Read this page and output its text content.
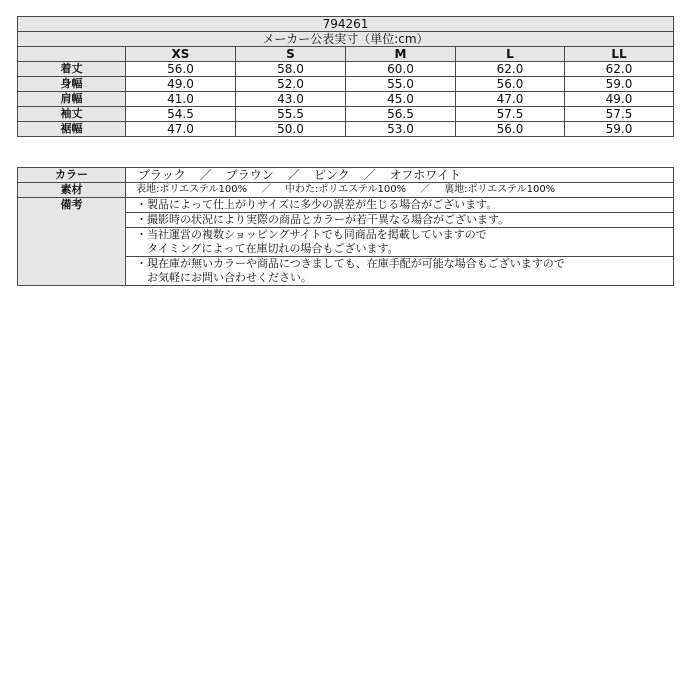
794261					
メーカー公表実寸（単位:cm）					
	XS	S	M	L	LL
着丈	56.0	58.0	60.0	62.0	62.0
身幅	49.0	52.0	55.0	56.0	59.0
肩幅	41.0	43.0	45.0	47.0	49.0
袖丈	54.5	55.5	56.5	57.5	57.5
裾幅	47.0	50.0	53.0	56.0	59.0
カラー	ブラック ／ ブラウン ／ ピンク ／ オフホワイト
素材	表地:ポリエステル100% ／ 中わた:ポリエステル100% ／ 裏地:ポリエステル100%
備考	・製品によって仕上がりサイズに多少の誤差が生じる場合がございます。

	・撮影時の状況により実際の商品とカラーが若干異なる場合がございます。

	・当社運営の複数ショッピングサイトでも同商品を掲載していますので
タイミングによって在庫切れの場合もございます。

	・現在庫が無いカラーや商品につきましても、在庫手配が可能な場合もございますので
お気軽にお問い合わせください。
